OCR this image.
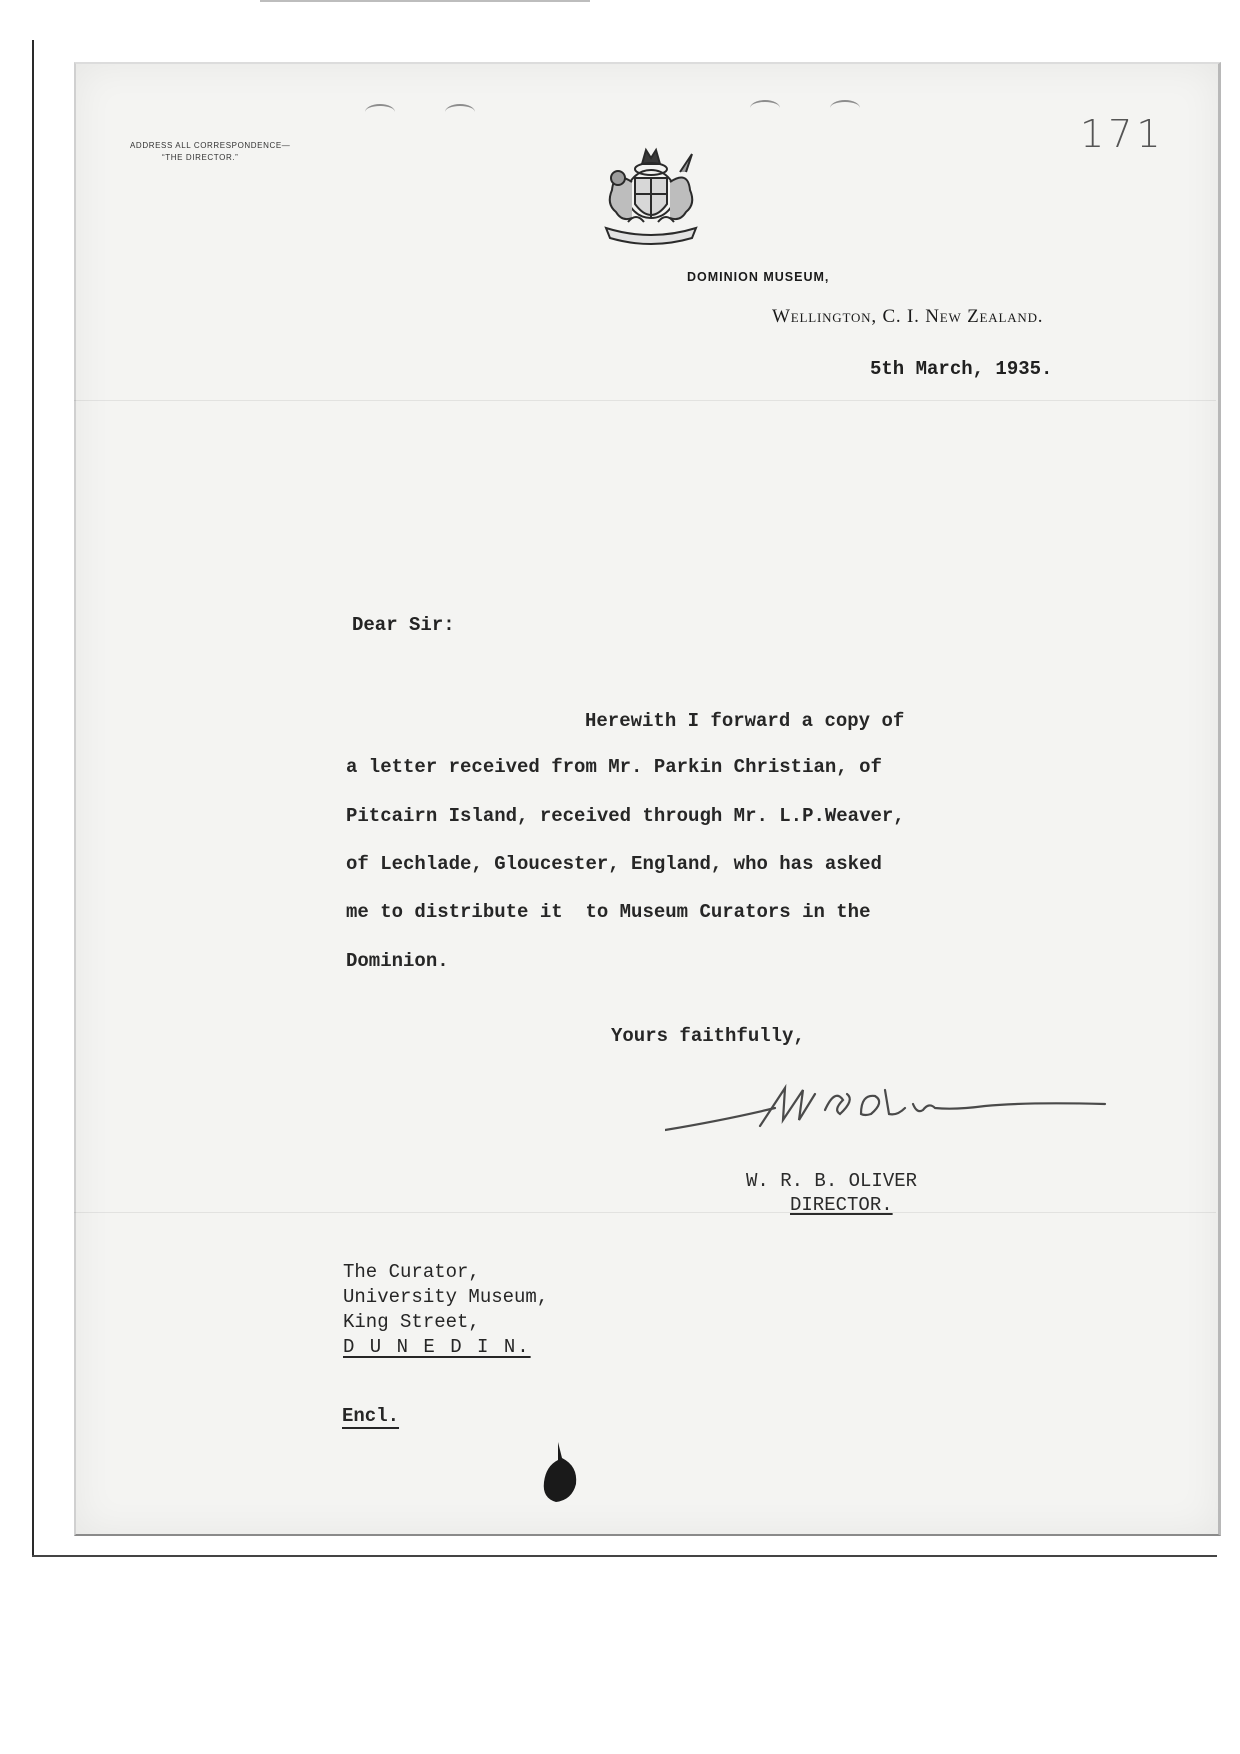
ADDRESS ALL CORRESPONDENCE—
“THE DIRECTOR.”
171
DOMINION MUSEUM,
Wellington, C. I. New Zealand.
5th March, 1935.
Dear Sir:
Herewith I forward a copy of
a letter received from Mr. Parkin Christian, of
Pitcairn Island, received through Mr. L.P.Weaver,
of Lechlade, Gloucester, England, who has asked
me to distribute it  to Museum Curators in the
Dominion.
Yours faithfully,
W. R. B. OLIVER
DIRECTOR.
The Curator,
University Museum,
King Street,
D U N E D I N.
Encl.
